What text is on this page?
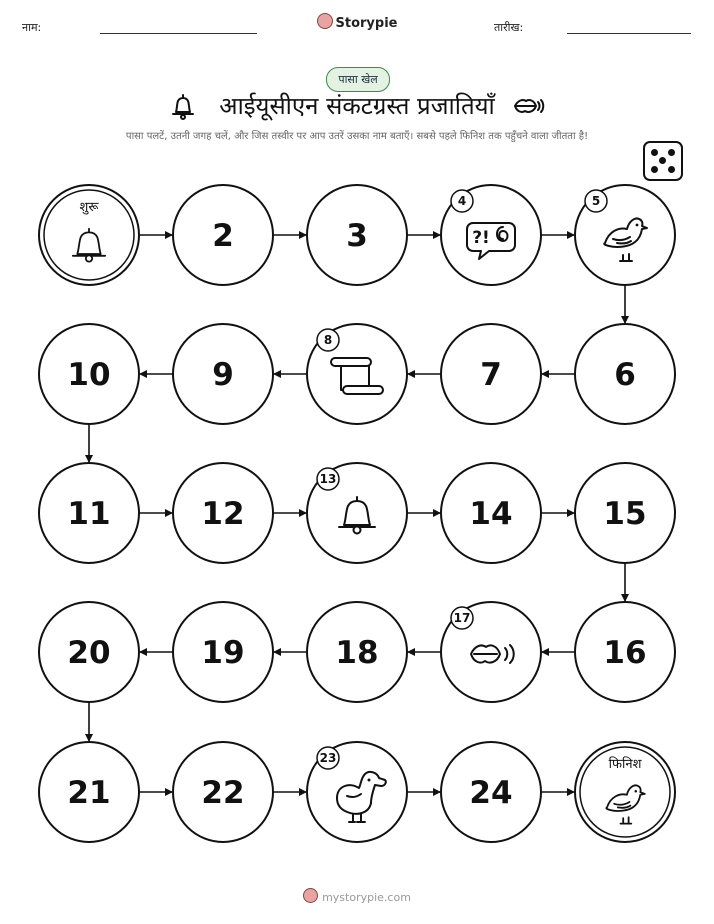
नाम:	Storypie	तारीख:
पासा खेल
आईयूसीएन संकटग्रस्त प्रजातियाँ
पासा पलटें, उतनी जगह चलें, और जिस तस्वीर पर आप उतरें उसका नाम बताएँ। सबसे पहले फिनिश तक पहुँचने वाला जीतता है!
शुरू
2	3	?!
4	5
6
7
8
9
10
11	12
13
14	15
16
17
18
19
20
21	22
23
24
फिनिश
mystorypie.com
